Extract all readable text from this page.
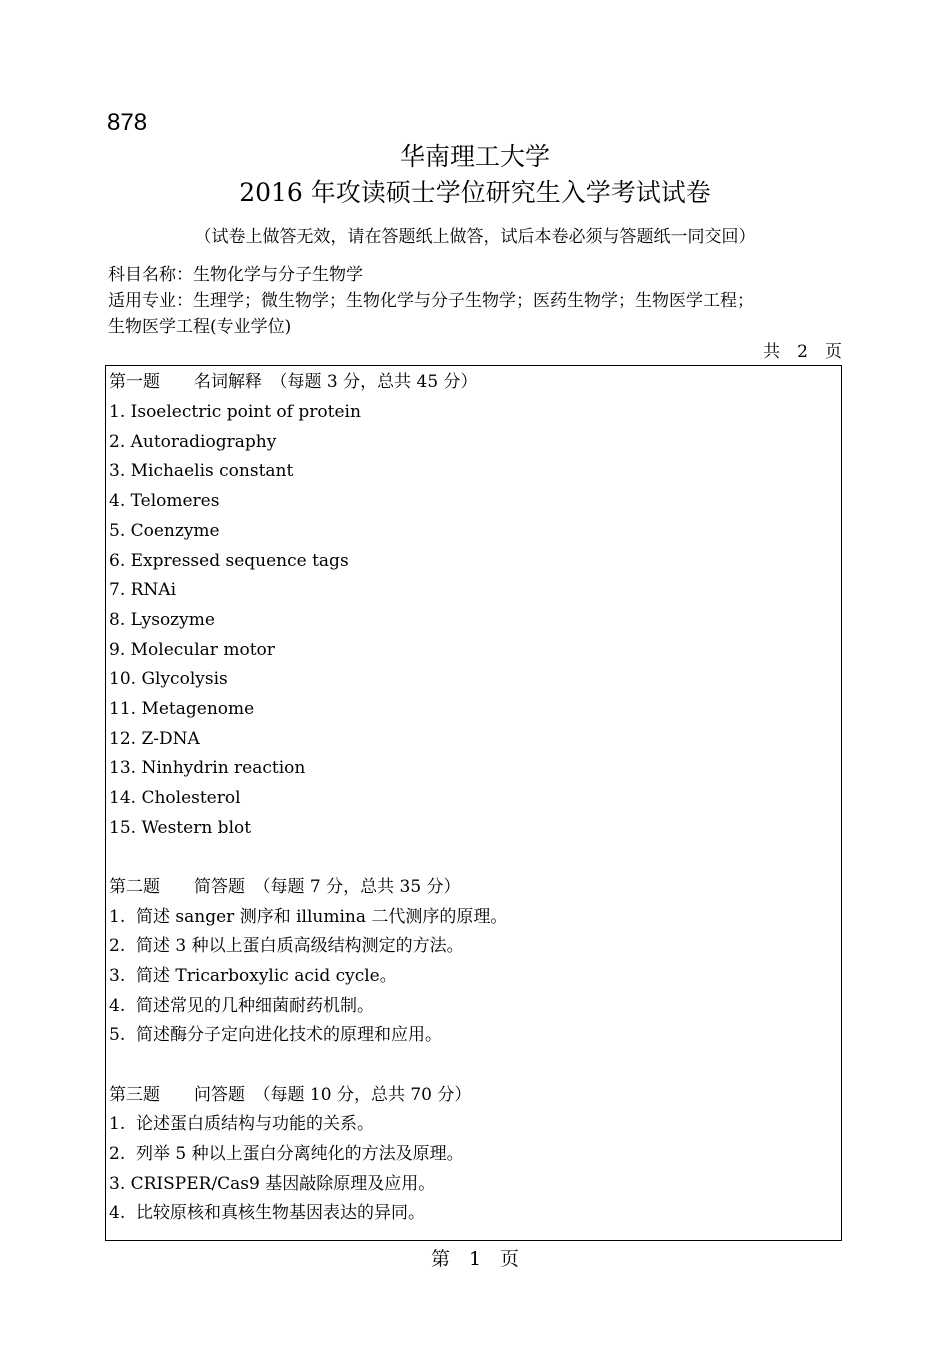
878
华南理工大学
2016 年攻读硕士学位研究生入学考试试卷
（试卷上做答无效，请在答题纸上做答，试后本卷必须与答题纸一同交回）
科目名称：生物化学与分子生物学
适用专业：生理学；微生物学；生物化学与分子生物学；医药生物学；生物医学工程；
生物医学工程(专业学位)
共　2　页
第一题　　名词解释　（每题 3 分，总共 45 分）
1. Isoelectric point of protein
2. Autoradiography
3. Michaelis constant
4. Telomeres
5. Coenzyme
6. Expressed sequence tags
7. RNAi
8. Lysozyme
9. Molecular motor
10. Glycolysis
11. Metagenome
12. Z-DNA
13. Ninhydrin reaction
14. Cholesterol
15. Western blot
第二题　　简答题　（每题 7 分，总共 35 分）
1.  简述 sanger 测序和 illumina 二代测序的原理。
2.  简述 3 种以上蛋白质高级结构测定的方法。
3.  简述 Tricarboxylic acid cycle。
4.  简述常见的几种细菌耐药机制。
5.  简述酶分子定向进化技术的原理和应用。
第三题　　问答题　（每题 10 分，总共 70 分）
1.  论述蛋白质结构与功能的关系。
2.  列举 5 种以上蛋白分离纯化的方法及原理。
3. CRISPER/Cas9 基因敲除原理及应用。
4.  比较原核和真核生物基因表达的异同。
第　1　页
